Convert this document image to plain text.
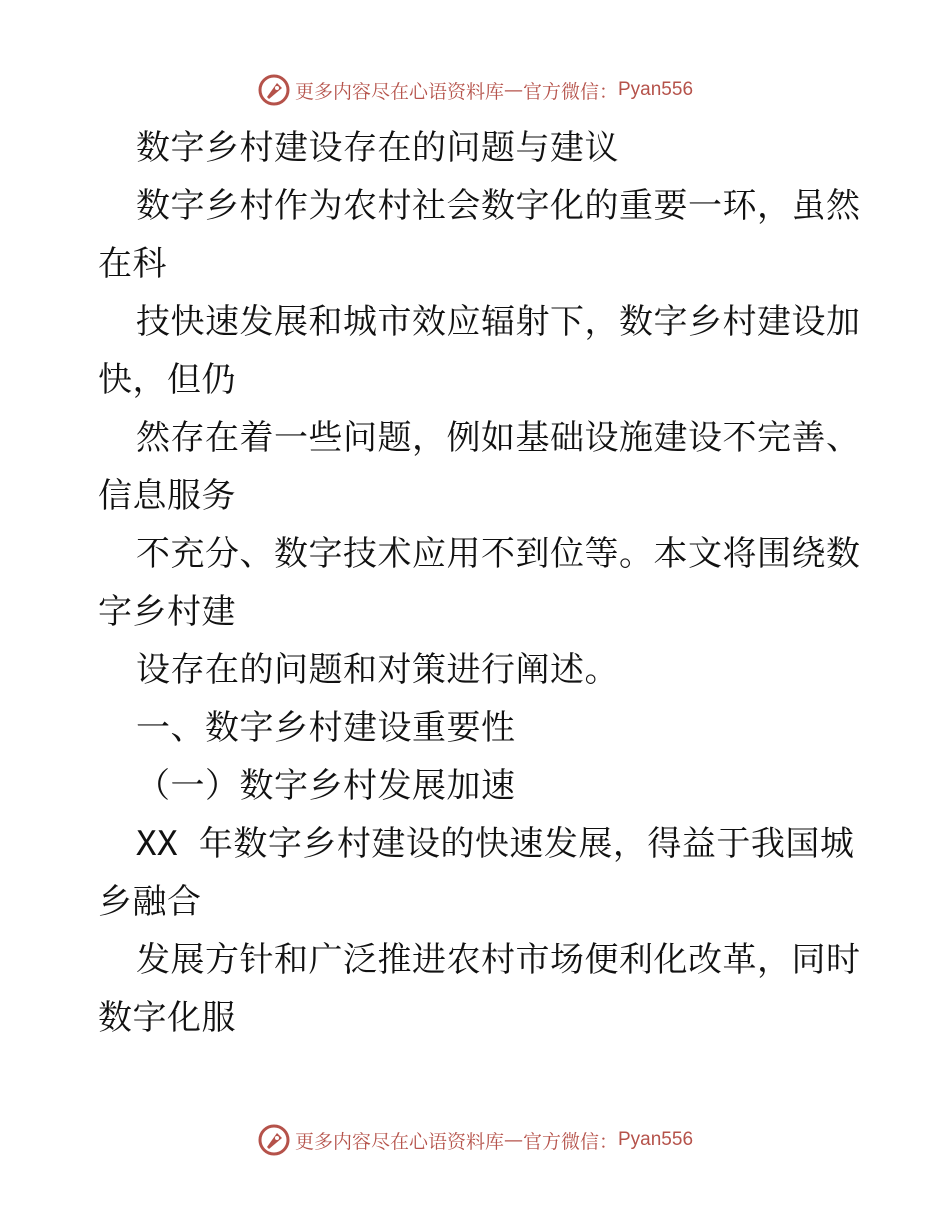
更多内容尽在心语资料库 — 官方微信： Pyan556
数字乡村建设存在的问题与建议
数字乡村作为农村社会数字化的重要一环，虽然
在科
技快速发展和城市效应辐射下，数字乡村建设加
快，但仍
然存在着一些问题，例如基础设施建设不完善、
信息服务
不充分、数字技术应用不到位等。本文将围绕数
字乡村建
设存在的问题和对策进行阐述。
一、数字乡村建设重要性
（一）数字乡村发展加速
XX 年数字乡村建设的快速发展，得益于我国城
乡融合
发展方针和广泛推进农村市场便利化改革，同时
数字化服
更多内容尽在心语资料库 — 官方微信： Pyan556
